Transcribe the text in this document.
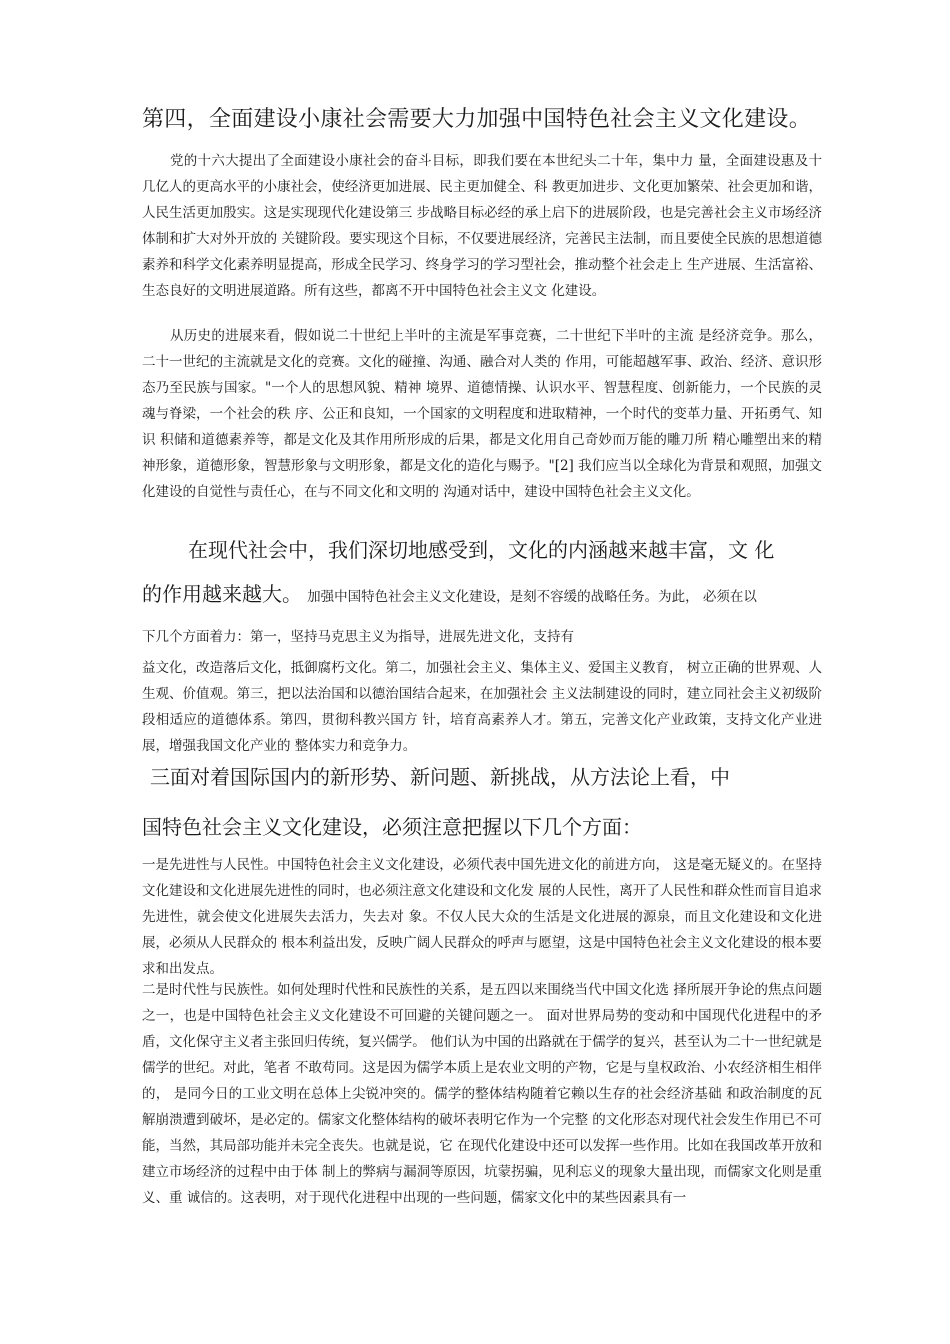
第四，全面建设小康社会需要大力加强中国特色社会主义文化建设。

党的十六大提出了全面建设小康社会的奋斗目标，即我们要在本世纪头二十年，集中力 量，全面建设惠及十几亿人的更高水平的小康社会，使经济更加进展、民主更加健全、科 教更加进步、文化更加繁荣、社会更加和谐，人民生活更加殷实。这是实现现代化建设第三 步战略目标必经的承上启下的进展阶段，也是完善社会主义市场经济体制和扩大对外开放的 关键阶段。要实现这个目标，不仅要进展经济，完善民主法制，而且要使全民族的思想道德 素养和科学文化素养明显提高，形成全民学习、终身学习的学习型社会，推动整个社会走上 生产进展、生活富裕、生态良好的文明进展道路。所有这些，都离不开中国特色社会主义文 化建设。

从历史的进展来看，假如说二十世纪上半叶的主流是军事竞赛，二十世纪下半叶的主流 是经济竞争。那么，二十一世纪的主流就是文化的竞赛。文化的碰撞、沟通、融合对人类的 作用，可能超越军事、政治、经济、意识形态乃至民族与国家。"一个人的思想风貌、精神 境界、道德情操、认识水平、智慧程度、创新能力，一个民族的灵魂与脊梁，一个社会的秩 序、公正和良知，一个国家的文明程度和进取精神，一个时代的变革力量、开拓勇气、知识 积储和道德素养等，都是文化及其作用所形成的后果，都是文化用自己奇妙而万能的雕刀所 精心雕塑出来的精神形象，道德形象，智慧形象与文明形象，都是文化的造化与赐予。"[2] 我们应当以全球化为背景和观照，加强文化建设的自觉性与责任心，在与不同文化和文明的 沟通对话中，建设中国特色社会主义文化。

在现代社会中，我们深切地感受到，文化的内涵越来越丰富，文 化
的作用越来越大。 加强中国特色社会主义文化建设，是刻不容缓的战略任务。为此， 必须在以

下几个方面着力：第一，坚持马克思主义为指导，进展先进文化，支持有

益文化，改造落后文化，抵御腐朽文化。第二，加强社会主义、集体主义、爱国主义教育， 树立正确的世界观、人生观、价值观。第三，把以法治国和以德治国结合起来，在加强社会 主义法制建设的同时，建立同社会主义初级阶段相适应的道德体系。第四，贯彻科教兴国方 针，培育高素养人才。第五，完善文化产业政策，支持文化产业进展，增强我国文化产业的 整体实力和竞争力。

三面对着国际国内的新形势、新问题、新挑战，从方法论上看，中
国特色社会主义文化建设，必须注意把握以下几个方面：

一是先进性与人民性。中国特色社会主义文化建设，必须代表中国先进文化的前进方向， 这是毫无疑义的。在坚持文化建设和文化进展先进性的同时，也必须注意文化建设和文化发 展的人民性，离开了人民性和群众性而盲目追求先进性，就会使文化进展失去活力，失去对 象。不仅人民大众的生活是文化进展的源泉，而且文化建设和文化进展，必须从人民群众的 根本利益出发，反映广阔人民群众的呼声与愿望，这是中国特色社会主义文化建设的根本要 求和出发点。

二是时代性与民族性。如何处理时代性和民族性的关系，是五四以来围绕当代中国文化选 择所展开争论的焦点问题之一，也是中国特色社会主义文化建设不可回避的关键问题之一。 面对世界局势的变动和中国现代化进程中的矛盾，文化保守主义者主张回归传统，复兴儒学。 他们认为中国的出路就在于儒学的复兴，甚至认为二十一世纪就是儒学的世纪。对此，笔者 不敢苟同。这是因为儒学本质上是农业文明的产物，它是与皇权政治、小农经济相生相伴的， 是同今日的工业文明在总体上尖锐冲突的。儒学的整体结构随着它赖以生存的社会经济基础 和政治制度的瓦解崩溃遭到破坏，是必定的。儒家文化整体结构的破坏表明它作为一个完整 的文化形态对现代社会发生作用已不可能，当然，其局部功能并未完全丧失。也就是说，它 在现代化建设中还可以发挥一些作用。比如在我国改革开放和建立市场经济的过程中由于体 制上的弊病与漏洞等原因，坑蒙拐骗，见利忘义的现象大量出现，而儒家文化则是重义、重 诚信的。这表明，对于现代化进程中出现的一些问题，儒家文化中的某些因素具有一
